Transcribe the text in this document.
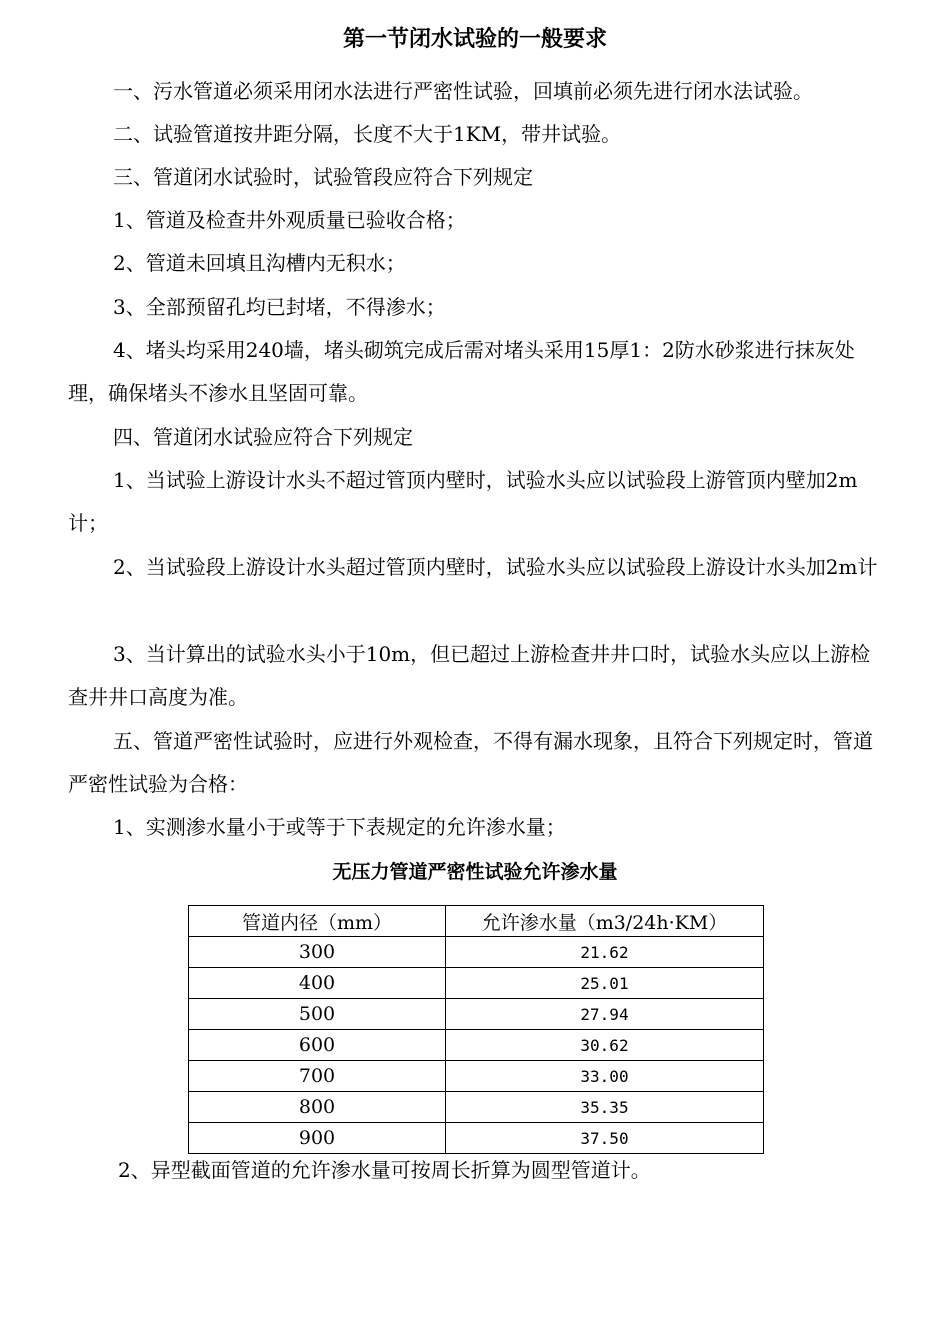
第一节闭水试验的一般要求

一、污水管道必须采用闭水法进行严密性试验，回填前必须先进行闭水法试验。

二、试验管道按井距分隔，长度不大于1KM，带井试验。

三、管道闭水试验时，试验管段应符合下列规定

1、管道及检查井外观质量已验收合格；

2、管道未回填且沟槽内无积水；

3、全部预留孔均已封堵，不得渗水；

4、堵头均采用240墙，堵头砌筑完成后需对堵头采用15厚1：2防水砂浆进行抹灰处理，确保堵头不渗水且坚固可靠。

四、管道闭水试验应符合下列规定

1、当试验上游设计水头不超过管顶内壁时，试验水头应以试验段上游管顶内壁加2m计；

2、当试验段上游设计水头超过管顶内壁时，试验水头应以试验段上游设计水头加2m计

3、当计算出的试验水头小于10m，但已超过上游检查井井口时，试验水头应以上游检查井井口高度为准。

五、管道严密性试验时，应进行外观检查，不得有漏水现象，且符合下列规定时，管道严密性试验为合格：

1、实测渗水量小于或等于下表规定的允许渗水量；

无压力管道严密性试验允许渗水量
管道内径（mm）	允许渗水量（m3/24h·KM）
300	21.62
400	25.01
500	27.94
600	30.62
700	33.00
800	35.35
900	37.50

2、异型截面管道的允许渗水量可按周长折算为圆型管道计。
